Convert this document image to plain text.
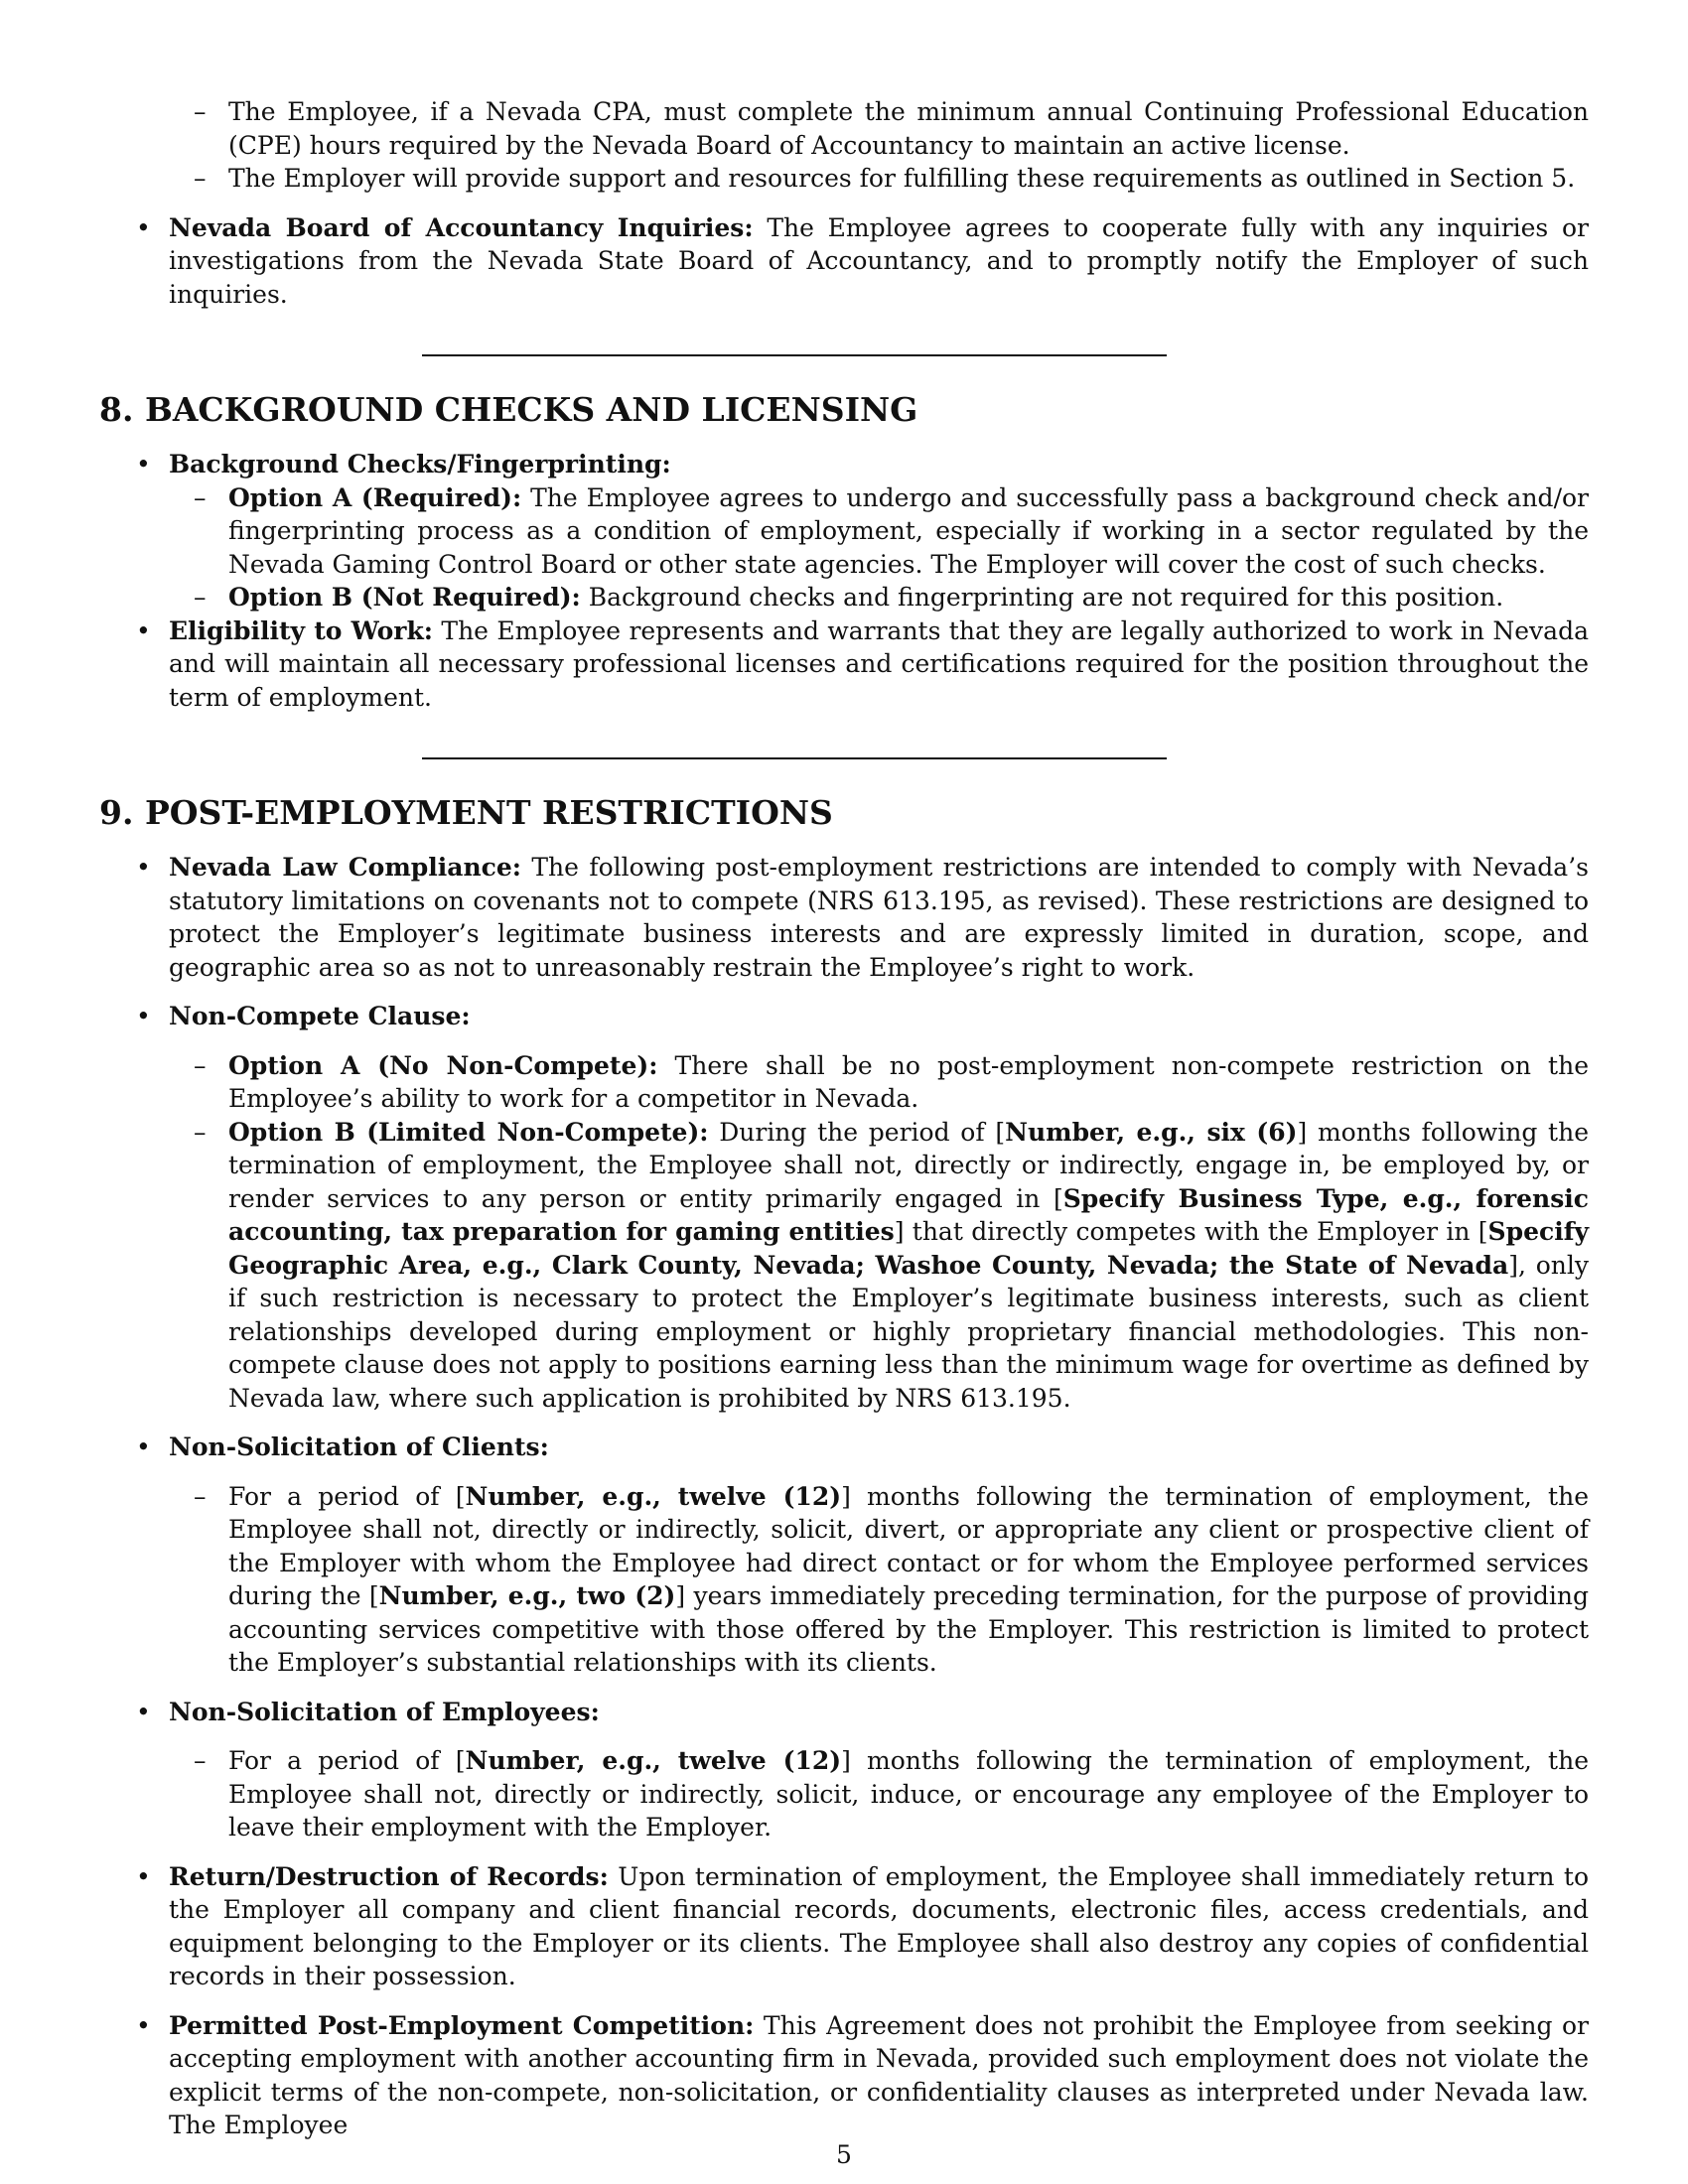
– The Employee, if a Nevada CPA, must complete the minimum annual Continuing Professional Education (CPE) hours required by the Nevada Board of Accountancy to maintain an active license.
– The Employer will provide support and resources for fulfilling these requirements as outlined in Section 5.
• Nevada Board of Accountancy Inquiries: The Employee agrees to cooperate fully with any inquiries or investigations from the Nevada State Board of Accountancy, and to promptly notify the Employer of such inquiries.
8. BACKGROUND CHECKS AND LICENSING
• Background Checks/Fingerprinting:
– Option A (Required): The Employee agrees to undergo and successfully pass a background check and/or fingerprinting process as a condition of employment, especially if working in a sector regulated by the Nevada Gaming Control Board or other state agencies. The Employer will cover the cost of such checks.
– Option B (Not Required): Background checks and fingerprinting are not required for this position.
• Eligibility to Work: The Employee represents and warrants that they are legally authorized to work in Nevada and will maintain all necessary professional licenses and certifications required for the position throughout the term of employment.
9. POST-EMPLOYMENT RESTRICTIONS
• Nevada Law Compliance: The following post-employment restrictions are intended to comply with Nevada’s statutory limitations on covenants not to compete (NRS 613.195, as revised). These restrictions are designed to protect the Employer’s legitimate business interests and are expressly limited in duration, scope, and geographic area so as not to unreasonably restrain the Employee’s right to work.
• Non-Compete Clause:
– Option A (No Non-Compete): There shall be no post-employment non-compete restriction on the Employee’s ability to work for a competitor in Nevada.
– Option B (Limited Non-Compete): During the period of [Number, e.g., six (6)] months following the termination of employment, the Employee shall not, directly or indirectly, engage in, be employed by, or render services to any person or entity primarily engaged in [Specify Business Type, e.g., forensic accounting, tax preparation for gaming entities] that directly competes with the Employer in [Specify Geographic Area, e.g., Clark County, Nevada; Washoe County, Nevada; the State of Nevada], only if such restriction is necessary to protect the Employer’s legitimate business interests, such as client relationships developed during employment or highly proprietary financial methodologies. This non-compete clause does not apply to positions earning less than the minimum wage for overtime as defined by Nevada law, where such application is prohibited by NRS 613.195.
• Non-Solicitation of Clients:
– For a period of [Number, e.g., twelve (12)] months following the termination of employment, the Employee shall not, directly or indirectly, solicit, divert, or appropriate any client or prospective client of the Employer with whom the Employee had direct contact or for whom the Employee performed services during the [Number, e.g., two (2)] years immediately preceding termination, for the purpose of providing accounting services competitive with those offered by the Employer. This restriction is limited to protect the Employer’s substantial relationships with its clients.
• Non-Solicitation of Employees:
– For a period of [Number, e.g., twelve (12)] months following the termination of employment, the Employee shall not, directly or indirectly, solicit, induce, or encourage any employee of the Employer to leave their employment with the Employer.
• Return/Destruction of Records: Upon termination of employment, the Employee shall immediately return to the Employer all company and client financial records, documents, electronic files, access credentials, and equipment belonging to the Employer or its clients. The Employee shall also destroy any copies of confidential records in their possession.
• Permitted Post-Employment Competition: This Agreement does not prohibit the Employee from seeking or accepting employment with another accounting firm in Nevada, provided such employment does not violate the explicit terms of the non-compete, non-solicitation, or confidentiality clauses as interpreted under Nevada law. The Employee
5
